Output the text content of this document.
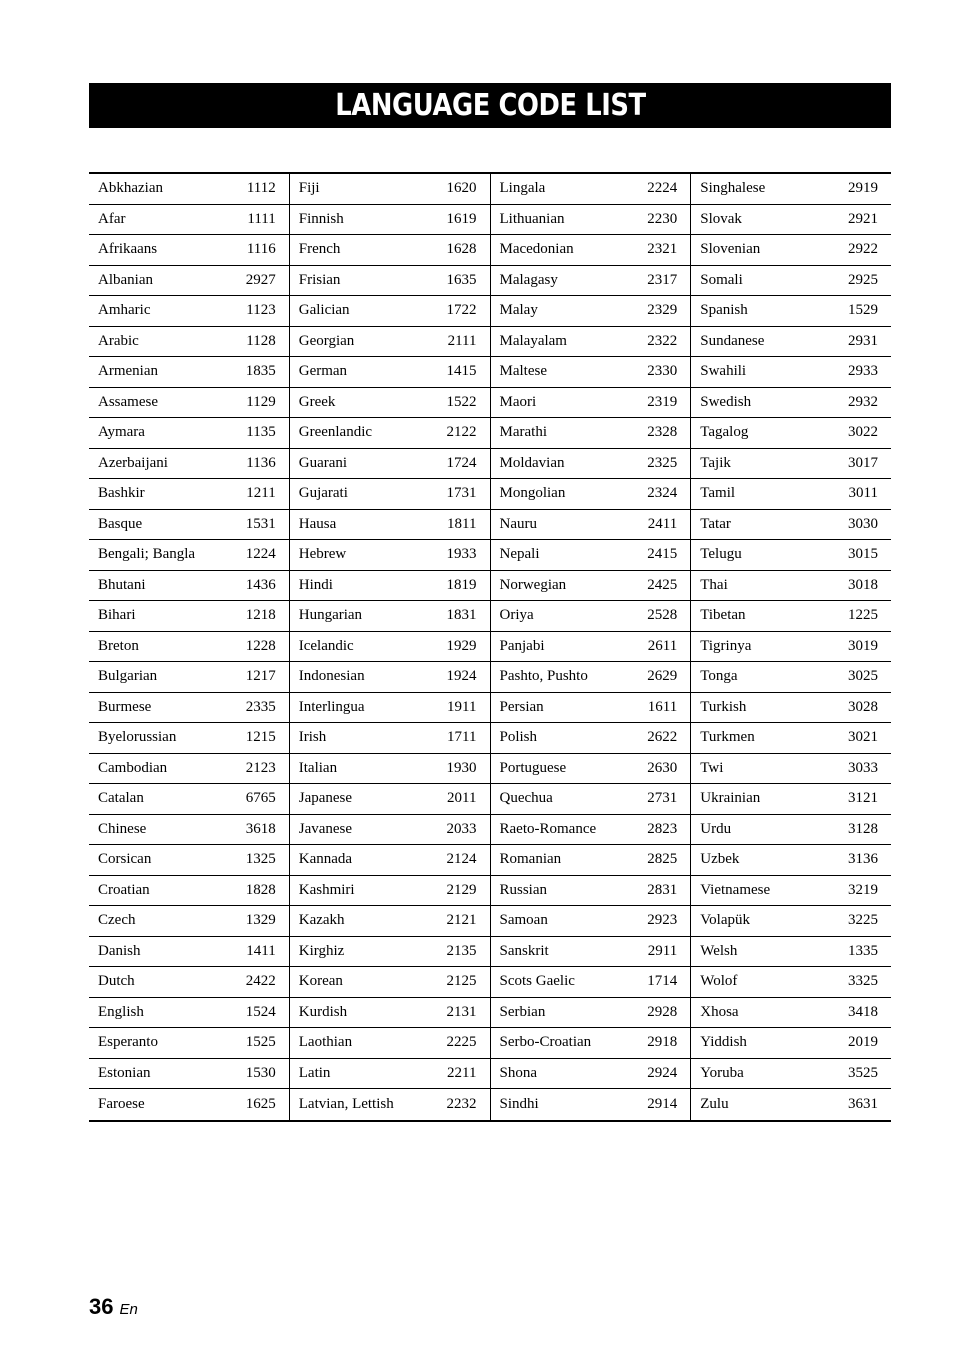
LANGUAGE CODE LIST
Abkhazian	1112
Afar	1111
Afrikaans	1116
Albanian	2927
Amharic	1123
Arabic	1128
Armenian	1835
Assamese	1129
Aymara	1135
Azerbaijani	1136
Bashkir	1211
Basque	1531
Bengali; Bangla	1224
Bhutani	1436
Bihari	1218
Breton	1228
Bulgarian	1217
Burmese	2335
Byelorussian	1215
Cambodian	2123
Catalan	6765
Chinese	3618
Corsican	1325
Croatian	1828
Czech	1329
Danish	1411
Dutch	2422
English	1524
Esperanto	1525
Estonian	1530
Faroese	1625
Fiji	1620
Finnish	1619
French	1628
Frisian	1635
Galician	1722
Georgian	2111
German	1415
Greek	1522
Greenlandic	2122
Guarani	1724
Gujarati	1731
Hausa	1811
Hebrew	1933
Hindi	1819
Hungarian	1831
Icelandic	1929
Indonesian	1924
Interlingua	1911
Irish	1711
Italian	1930
Japanese	2011
Javanese	2033
Kannada	2124
Kashmiri	2129
Kazakh	2121
Kirghiz	2135
Korean	2125
Kurdish	2131
Laothian	2225
Latin	2211
Latvian, Lettish	2232
Lingala	2224
Lithuanian	2230
Macedonian	2321
Malagasy	2317
Malay	2329
Malayalam	2322
Maltese	2330
Maori	2319
Marathi	2328
Moldavian	2325
Mongolian	2324
Nauru	2411
Nepali	2415
Norwegian	2425
Oriya	2528
Panjabi	2611
Pashto, Pushto	2629
Persian	1611
Polish	2622
Portuguese	2630
Quechua	2731
Raeto-Romance	2823
Romanian	2825
Russian	2831
Samoan	2923
Sanskrit	2911
Scots Gaelic	1714
Serbian	2928
Serbo-Croatian	2918
Shona	2924
Sindhi	2914
Singhalese	2919
Slovak	2921
Slovenian	2922
Somali	2925
Spanish	1529
Sundanese	2931
Swahili	2933
Swedish	2932
Tagalog	3022
Tajik	3017
Tamil	3011
Tatar	3030
Telugu	3015
Thai	3018
Tibetan	1225
Tigrinya	3019
Tonga	3025
Turkish	3028
Turkmen	3021
Twi	3033
Ukrainian	3121
Urdu	3128
Uzbek	3136
Vietnamese	3219
Volapük	3225
Welsh	1335
Wolof	3325
Xhosa	3418
Yiddish	2019
Yoruba	3525
Zulu	3631
36 En
